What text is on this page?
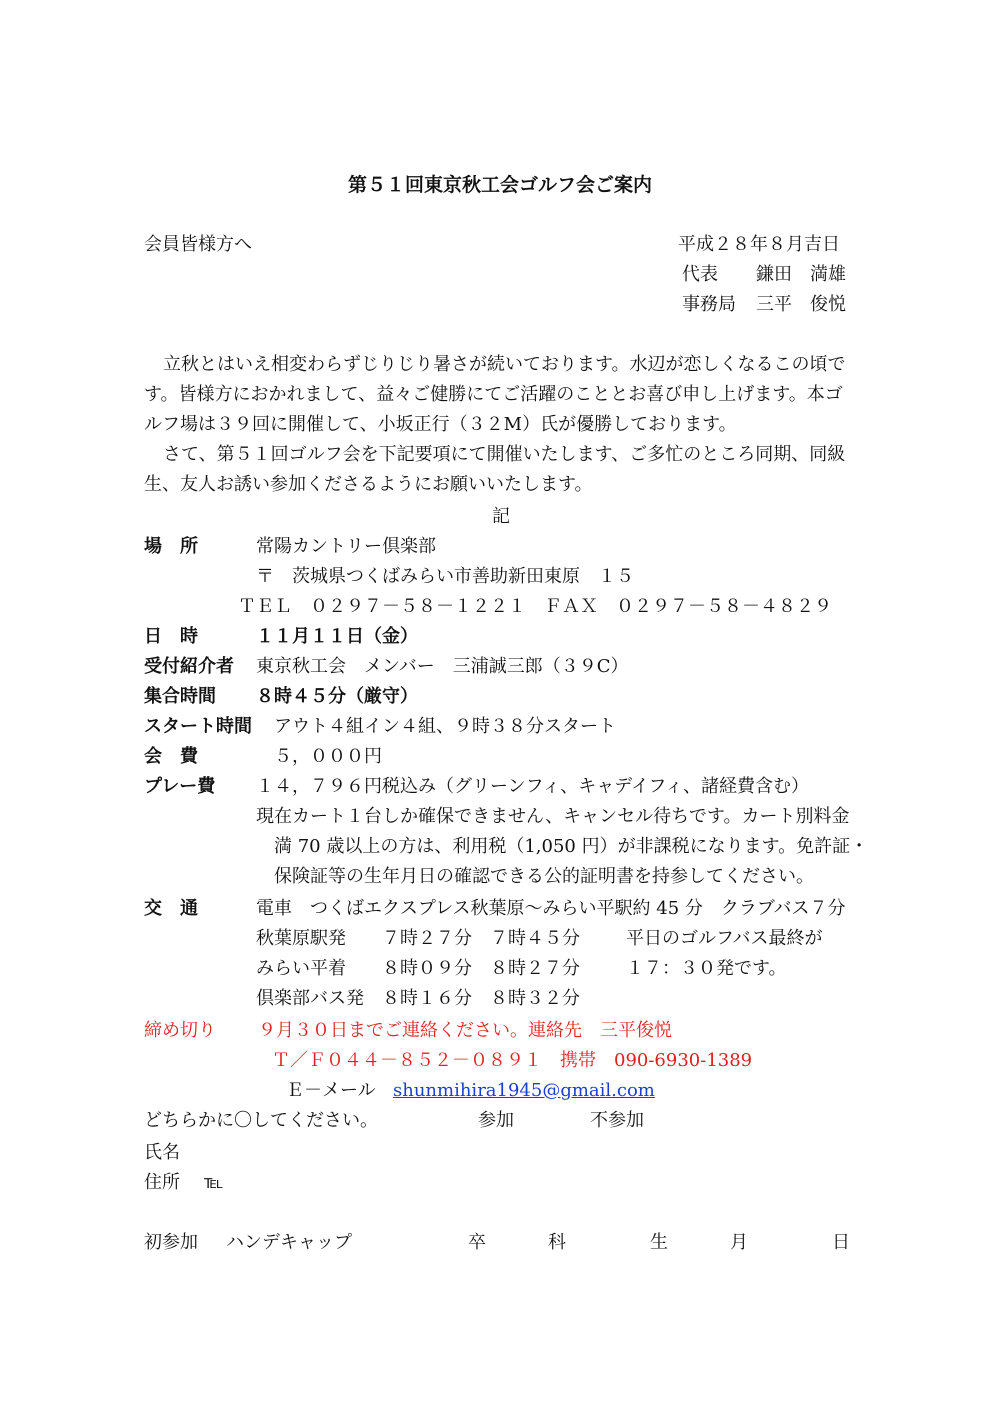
第５１回東京秋工会ゴルフ会ご案内
会員皆様方へ	平成２８年８月吉日
代表 鎌田　満雄
事務局 三平　俊悦
立秋とはいえ相変わらずじりじり暑さが続いております。水辺が恋しくなるこの頃で
す。皆様方におかれまして、益々ご健勝にてご活躍のこととお喜び申し上げます。本ゴ
ルフ場は３９回に開催して、小坂正行（３２M）氏が優勝しております。
さて、第５１回ゴルフ会を下記要項にて開催いたします、ご多忙のところ同期、同級
生、友人お誘い参加くださるようにお願いいたします。
記
場　所	常陽カントリー倶楽部
〒　茨城県つくばみらい市善助新田東原　１５
ＴＥＬ　０２９７－５８－１２２１　ＦＡＸ　０２９７－５８－４８２９
日　時	１１月１１日（金）
受付紹介者 東京秋工会　メンバー　三浦誠三郎（３９C）
集合時間 ８時４５分（厳守）
スタート時間 アウト４組イン４組、９時３８分スタート
会　費	５，０００円
プレー費 １４，７９６円税込み（グリーンフィ、キャデイフィ、諸経費含む）
現在カート１台しか確保できません、キャンセル待ちです。カート別料金
満 70 歳以上の方は、利用税（1,050 円）が非課税になります。免許証・
保険証等の生年月日の確認できる公的証明書を持参してください。
交　通	電車　つくばエクスプレス秋葉原～みらい平駅約 45 分　クラブバス７分
秋葉原駅発　　７時２７分　７時４５分	平日のゴルフバス最終が
みらい平着　　８時０９分　８時２７分	１７：３０発です。
倶楽部バス発　８時１６分　８時３２分
締め切り ９月３０日までご連絡ください。連絡先　三平俊悦
Ｔ／Ｆ０４４－８５２－０８９１　携帯　090-6930-1389
Ｅ－メール shunmihira1945@gmail.com
どちらかに〇してください。	参加	不参加
氏名
住所 ℡
初参加 ハンデキャップ	卒	科	生	月	日
